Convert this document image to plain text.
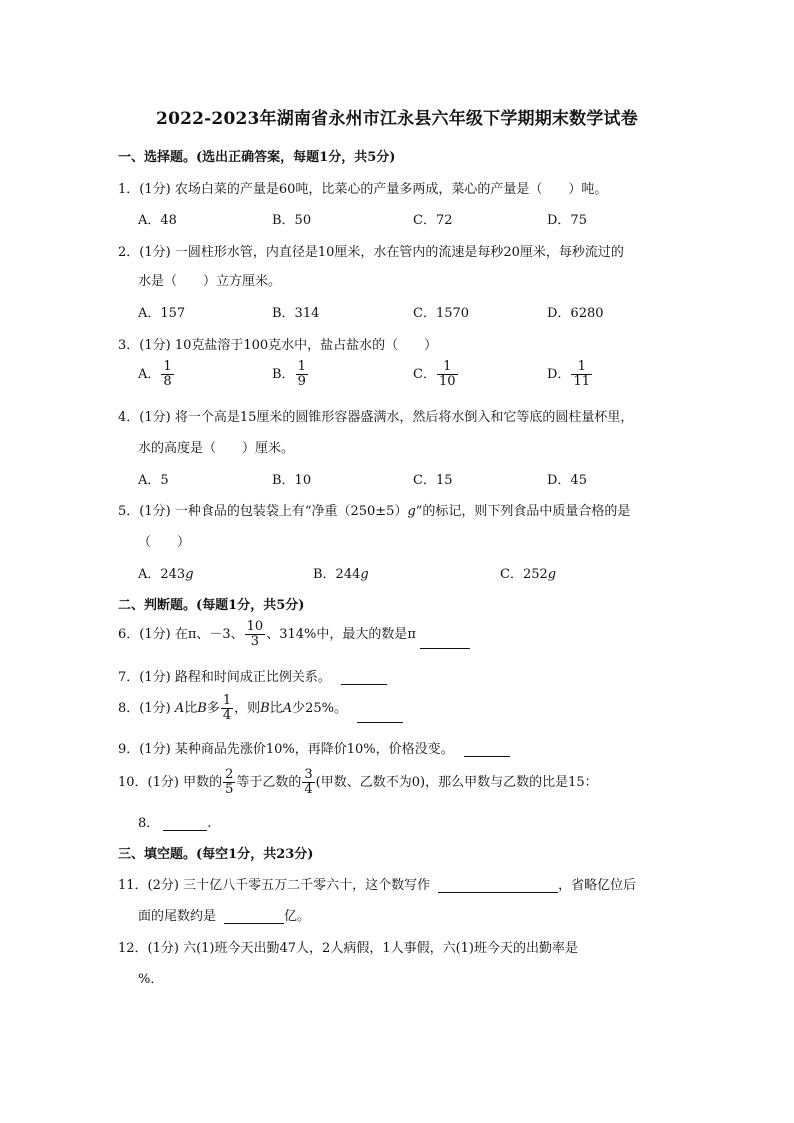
2022-2023年湖南省永州市江永县六年级下学期期末数学试卷
一、选择题。(选出正确答案，每题1分，共5分)
1．(1分) 农场白菜的产量是60吨，比菜心的产量多两成，菜心的产量是（　　）吨。
A．48	B．50	C．72	D．75
2．(1分) 一圆柱形水管，内直径是10厘米，水在管内的流速是每秒20厘米，每秒流过的
水是（　　）立方厘米。
A．157	B．314	C．1570	D．6280
3．(1分) 10克盐溶于100克水中，盐占盐水的（　　）
A． $\frac{1}{8}$	B． $\frac{1}{9}$	C． $\frac{1}{10}$	D． $\frac{1}{11}$
4．(1分) 将一个高是15厘米的圆锥形容器盛满水，然后将水倒入和它等底的圆柱量杯里，
水的高度是（　　）厘米。
A．5	B．10	C．15	D．45
5．(1分) 一种食品的包装袋上有“净重（250±5）g”的标记，则下列食品中质量合格的是
（　　）
A．243g	B．244g	C．252g
二、判断题。(每题1分，共5分)
6．(1分) 在π、－3、 $\frac{10}{3}$ 、314%中，最大的数是π
7．(1分) 路程和时间成正比例关系。
8．(1分) A比B多 $\frac{1}{4}$ ，则B比A少25%。
9．(1分) 某种商品先涨价10%，再降价10%，价格没变。
10．(1分) 甲数的 $\frac{2}{5}$ 等于乙数的 $\frac{3}{4}$ (甲数、乙数不为0)，那么甲数与乙数的比是15：
8．	.
三、填空题。(每空1分，共23分)
11．(2分) 三十亿八千零五万二千零六十，这个数写作	，省略亿位后
面的尾数约是	亿。
12．(1分) 六(1)班今天出勤47人，2人病假，1人事假，六(1)班今天的出勤率是
%．
